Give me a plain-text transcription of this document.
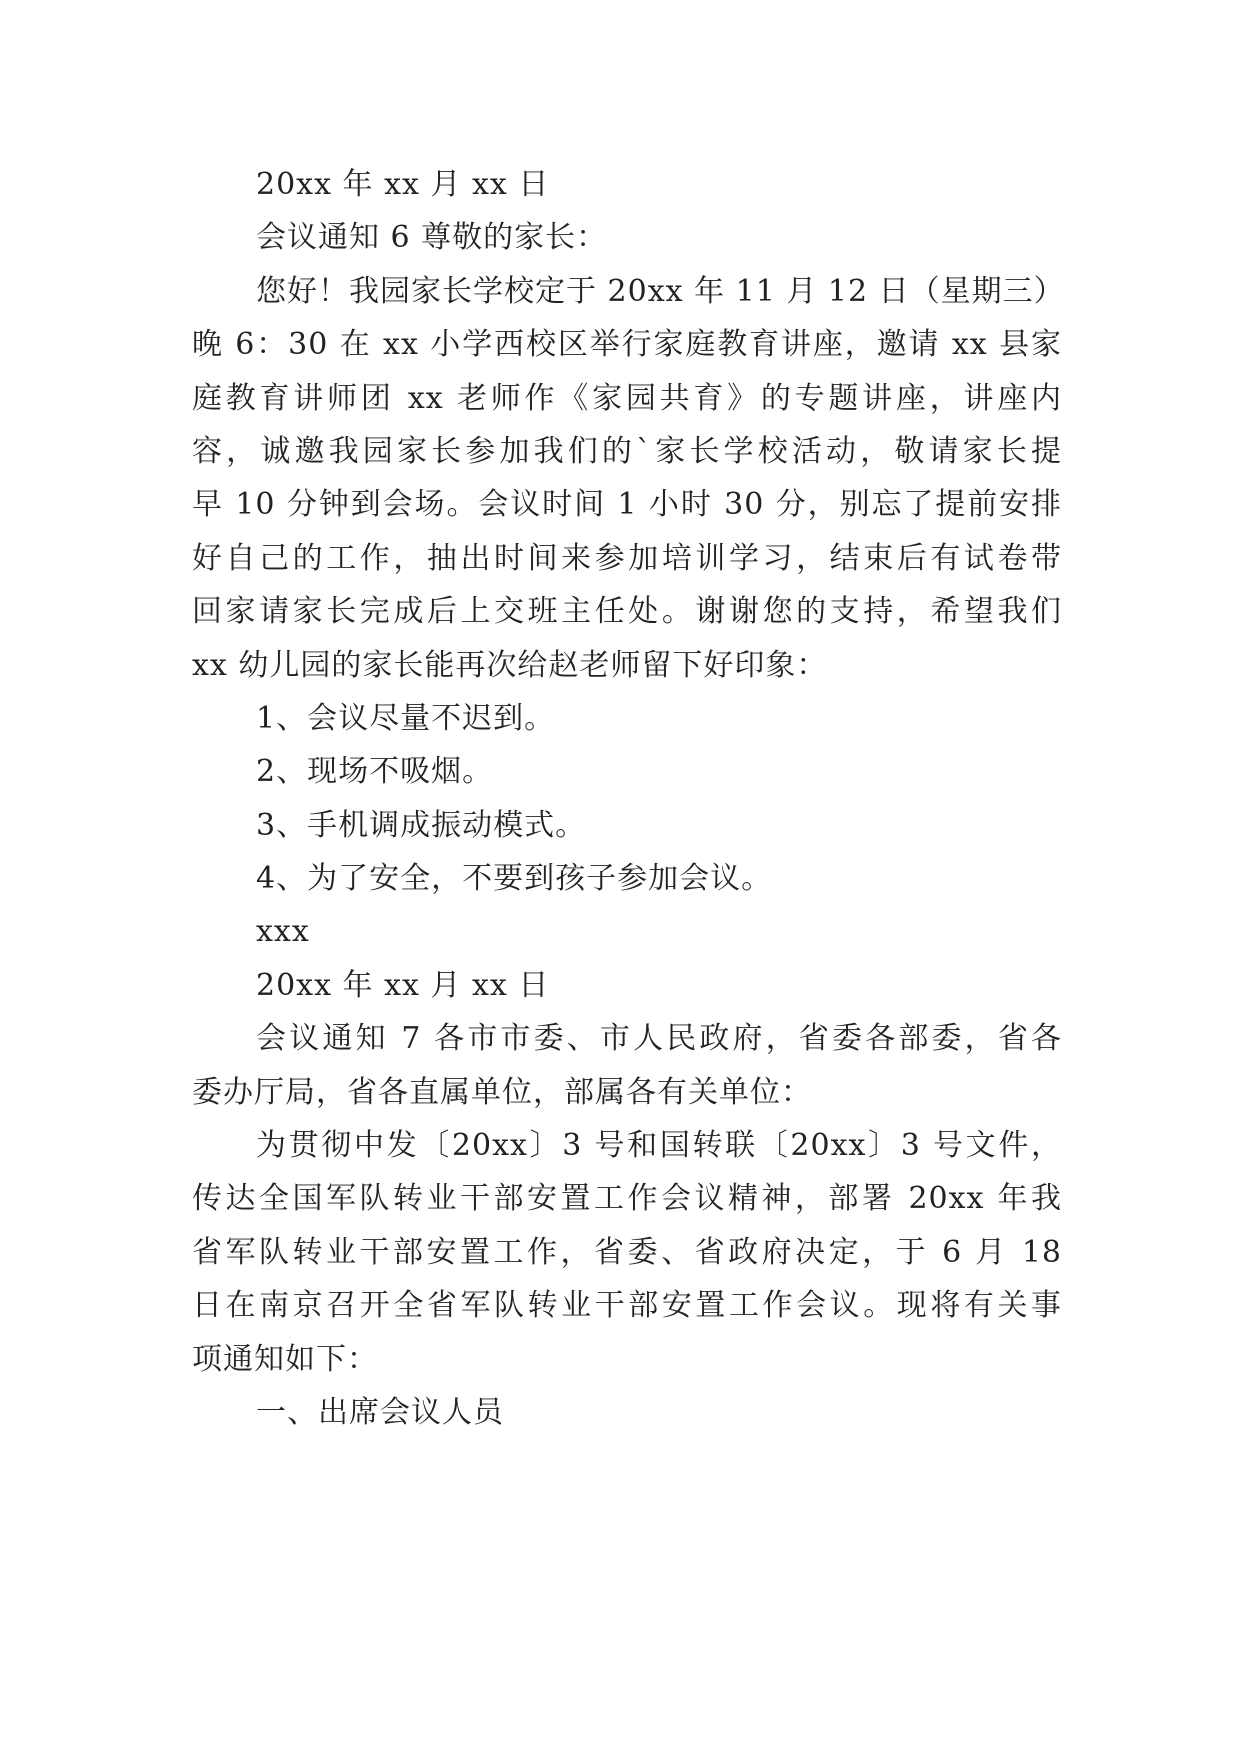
20xx 年 xx 月 xx 日
会议通知 6 尊敬的家长：
您好！我园家长学校定于 20xx 年 11 月 12 日（星期三）
晚 6：30 在 xx 小学西校区举行家庭教育讲座，邀请 xx 县家
庭教育讲师团 xx 老师作《家园共育》的专题讲座，讲座内
容，诚邀我园家长参加我们的`家长学校活动，敬请家长提
早 10 分钟到会场。会议时间 1 小时 30 分，别忘了提前安排
好自己的工作，抽出时间来参加培训学习，结束后有试卷带
回家请家长完成后上交班主任处。谢谢您的支持，希望我们
xx 幼儿园的家长能再次给赵老师留下好印象：
1、会议尽量不迟到。
2、现场不吸烟。
3、手机调成振动模式。
4、为了安全，不要到孩子参加会议。
xxx
20xx 年 xx 月 xx 日
会议通知 7 各市市委、市人民政府，省委各部委，省各
委办厅局，省各直属单位，部属各有关单位：
为贯彻中发〔20xx〕3 号和国转联〔20xx〕3 号文件，
传达全国军队转业干部安置工作会议精神，部署 20xx 年我
省军队转业干部安置工作，省委、省政府决定，于 6 月 18
日在南京召开全省军队转业干部安置工作会议。现将有关事
项通知如下：
一、出席会议人员
